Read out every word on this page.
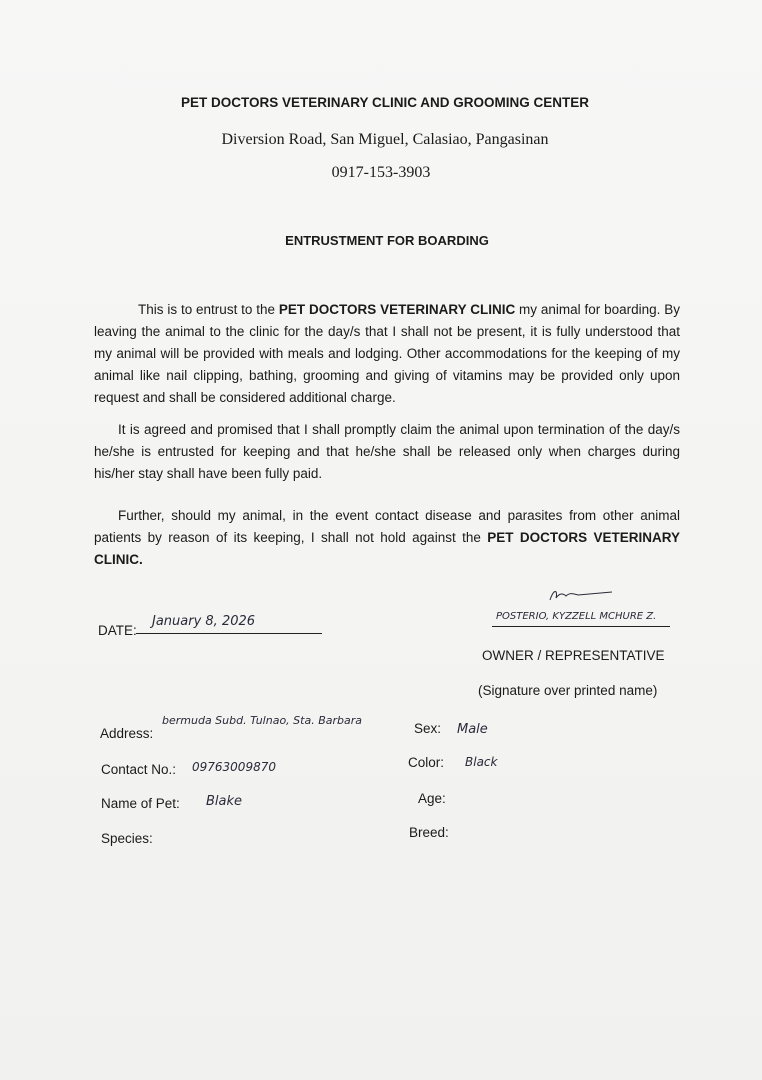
PET DOCTORS VETERINARY CLINIC AND GROOMING CENTER
Diversion Road, San Miguel, Calasiao, Pangasinan
0917-153-3903
ENTRUSTMENT FOR BOARDING
This is to entrust to the PET DOCTORS VETERINARY CLINIC my animal for boarding. By leaving the animal to the clinic for the day/s that I shall not be present, it is fully understood that my animal will be provided with meals and lodging. Other accommodations for the keeping of my animal like nail clipping, bathing, grooming and giving of vitamins may be provided only upon request and shall be considered additional charge.
It is agreed and promised that I shall promptly claim the animal upon termination of the day/s he/she is entrusted for keeping and that he/she shall be released only when charges during his/her stay shall have been fully paid.
Further, should my animal, in the event contact disease and parasites from other animal patients by reason of its keeping, I shall not hold against the PET DOCTORS VETERINARY CLINIC.
DATE:
January 8, 2026	POSTERIO, KYZZELL MCHURE Z.
OWNER / REPRESENTATIVE
(Signature over printed name)
Address:
bermuda Subd. Tulnao, Sta. Barbara
Contact No.: 09763009870
Name of Pet: Blake
Species:
Sex: Male
Color: Black
Age:
Breed:
